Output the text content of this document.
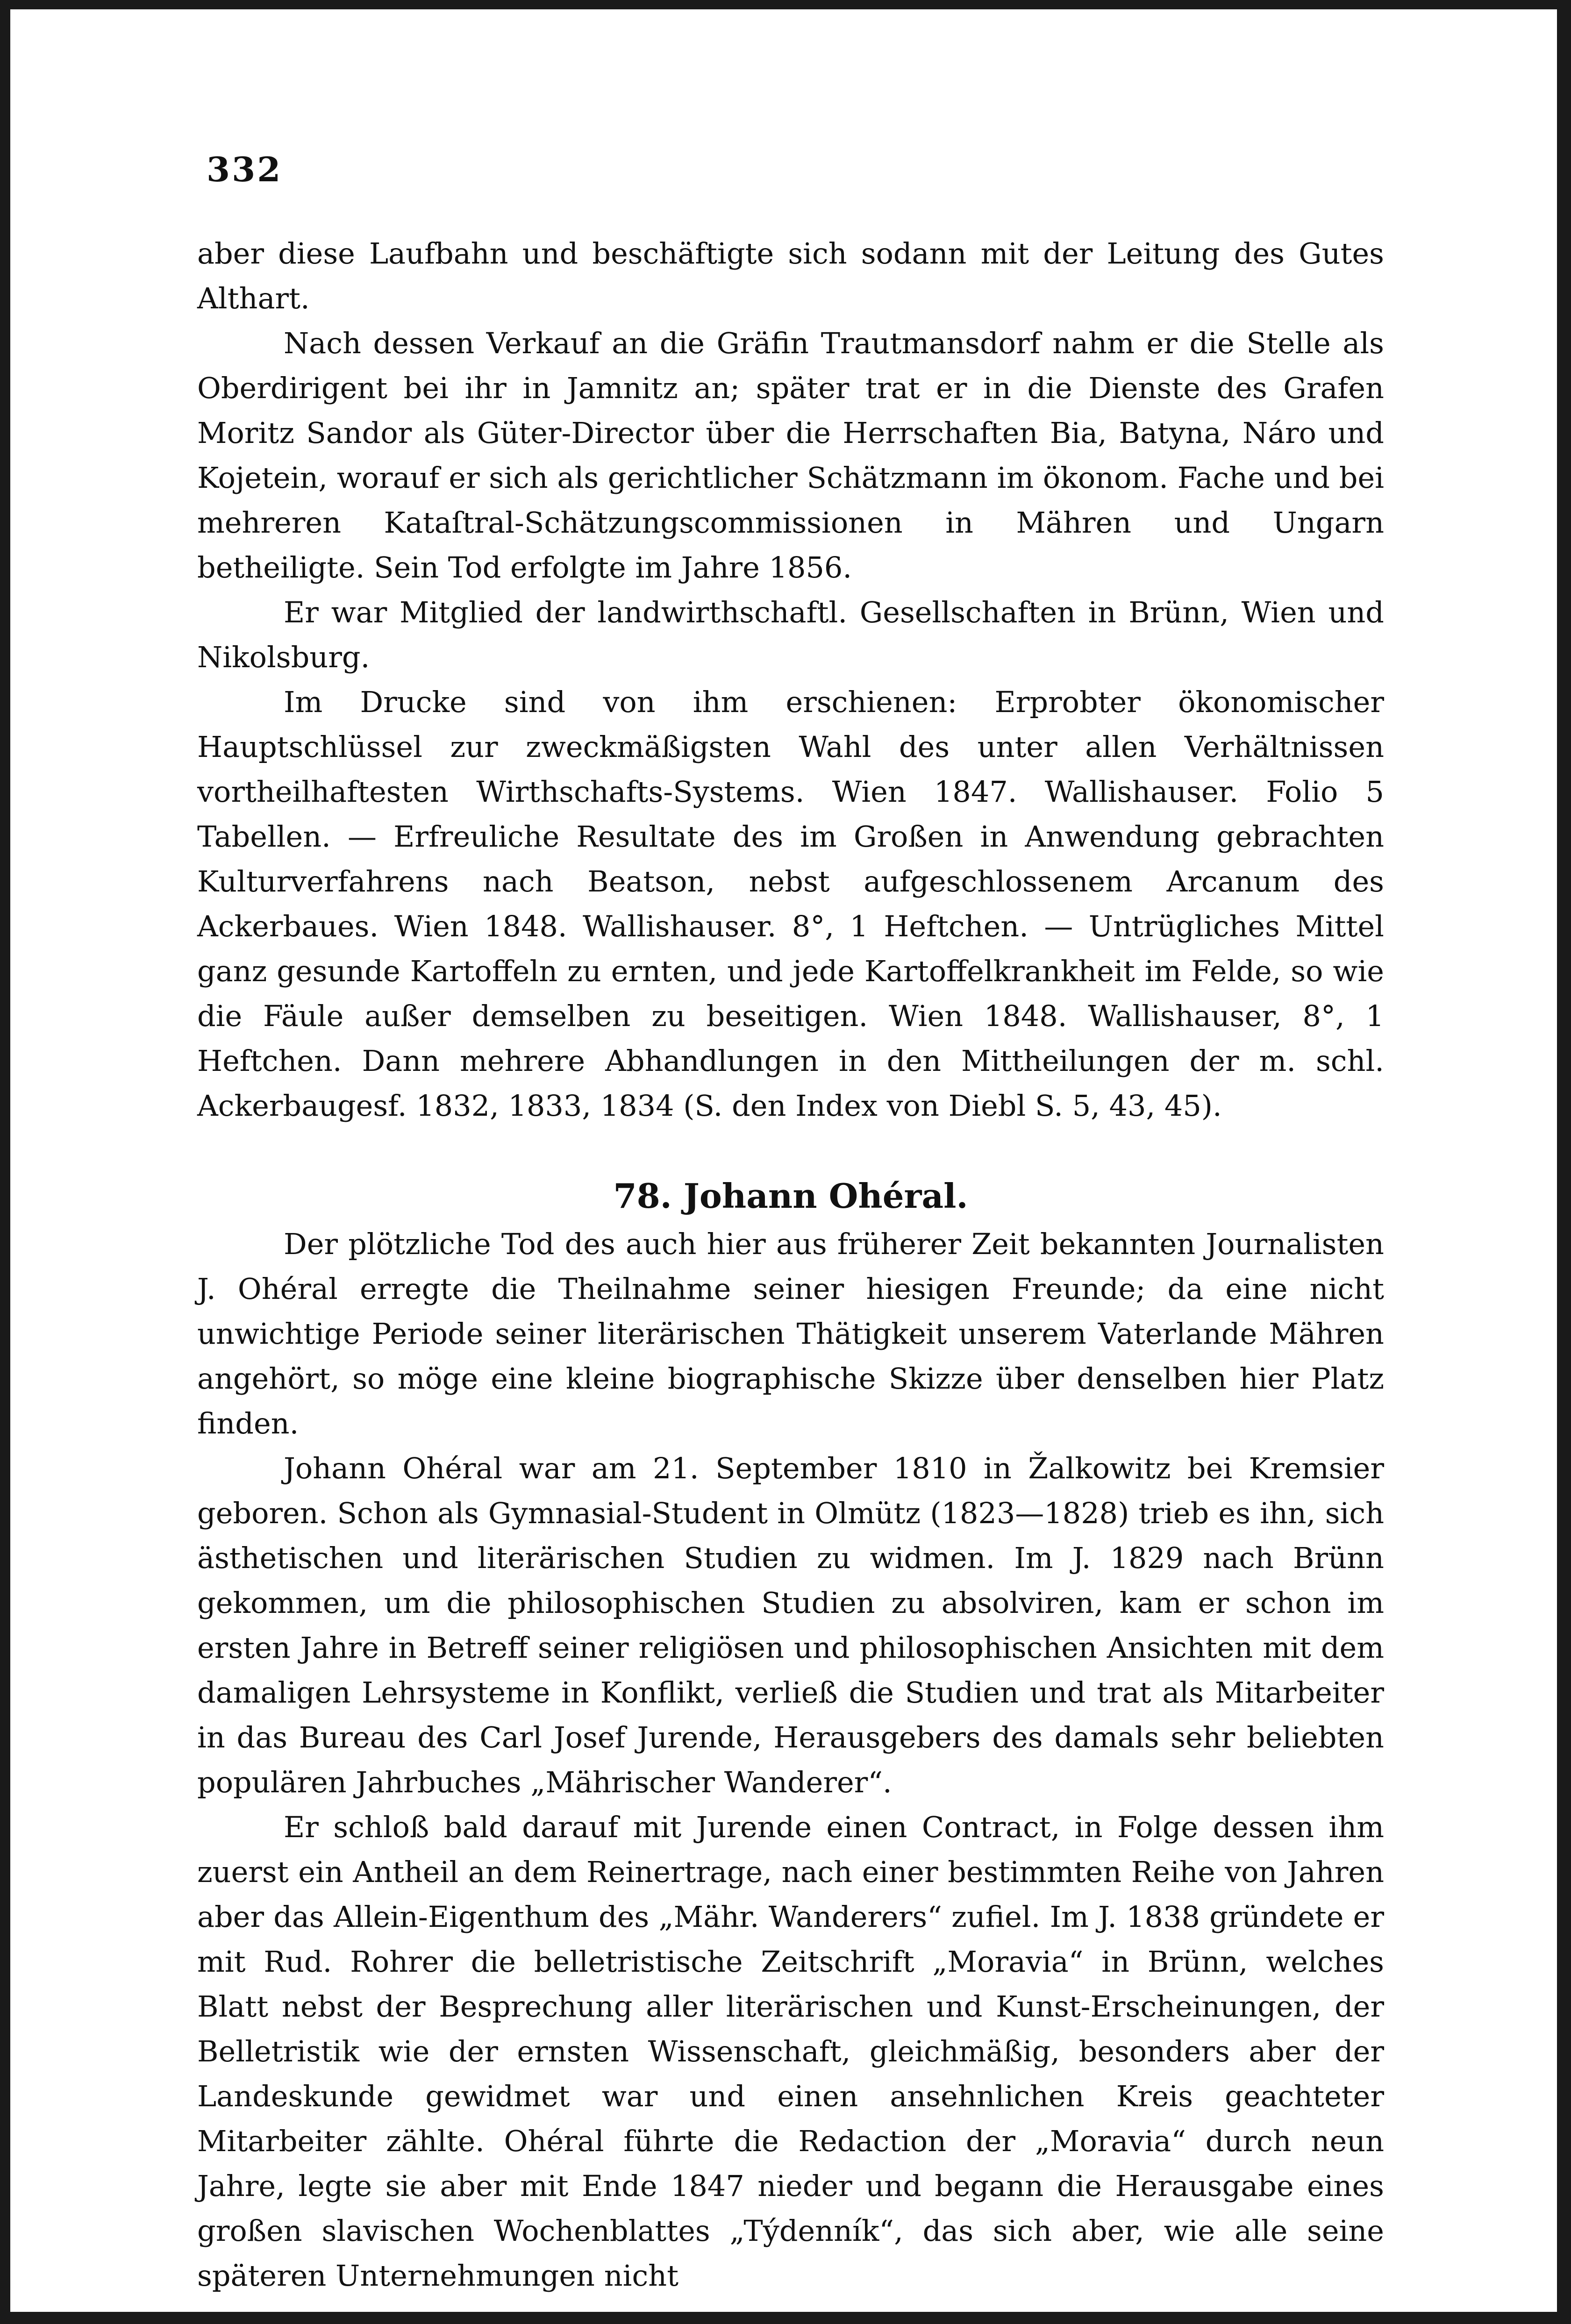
332

aber diese Laufbahn und beschäftigte sich sodann mit der Leitung des Gutes Althart.

Nach dessen Verkauf an die Gräfin Trautmansdorf nahm er die Stelle als Oberdirigent bei ihr in Jamnitz an; später trat er in die Dienste des Grafen Moritz Sandor als Güter-Director über die Herrschaften Bia, Batyna, Náro und Kojetein, worauf er sich als gerichtlicher Schätzmann im ökonom. Fache und bei mehreren Kataſtral-Schätzungscommissionen in Mähren und Ungarn betheiligte. Sein Tod erfolgte im Jahre 1856.

Er war Mitglied der landwirthschaftl. Gesellschaften in Brünn, Wien und Nikolsburg.

Im Drucke sind von ihm erschienen: Erprobter ökonomischer Hauptschlüssel zur zweckmäßigsten Wahl des unter allen Verhältnissen vortheilhaftesten Wirthschafts-Systems. Wien 1847. Wallishauser. Folio 5 Tabellen. — Erfreuliche Resultate des im Großen in Anwendung gebrachten Kulturverfahrens nach Beatson, nebst aufgeschlossenem Arcanum des Ackerbaues. Wien 1848. Wallishauser. 8°, 1 Heftchen. — Untrügliches Mittel ganz gesunde Kartoffeln zu ernten, und jede Kartoffelkrankheit im Felde, so wie die Fäule außer demselben zu beseitigen. Wien 1848. Wallishauser, 8°, 1 Heftchen. Dann mehrere Abhandlungen in den Mittheilungen der m. schl. Ackerbaugesf. 1832, 1833, 1834 (S. den Index von Diebl S. 5, 43, 45).

78. Johann Ohéral.

Der plötzliche Tod des auch hier aus früherer Zeit bekannten Journalisten J. Ohéral erregte die Theilnahme seiner hiesigen Freunde; da eine nicht unwichtige Periode seiner literärischen Thätigkeit unserem Vaterlande Mähren angehört, so möge eine kleine biographische Skizze über denselben hier Platz finden.

Johann Ohéral war am 21. September 1810 in Žalkowitz bei Kremsier geboren. Schon als Gymnasial-Student in Olmütz (1823—1828) trieb es ihn, sich ästhetischen und literärischen Studien zu widmen. Im J. 1829 nach Brünn gekommen, um die philosophischen Studien zu absolviren, kam er schon im ersten Jahre in Betreff seiner religiösen und philosophischen Ansichten mit dem damaligen Lehrsysteme in Konflikt, verließ die Studien und trat als Mitarbeiter in das Bureau des Carl Josef Jurende, Herausgebers des damals sehr beliebten populären Jahrbuches „Mährischer Wanderer“.

Er schloß bald darauf mit Jurende einen Contract, in Folge dessen ihm zuerst ein Antheil an dem Reinertrage, nach einer bestimmten Reihe von Jahren aber das Allein-Eigenthum des „Mähr. Wanderers“ zufiel. Im J. 1838 gründete er mit Rud. Rohrer die belletristische Zeitschrift „Moravia“ in Brünn, welches Blatt nebst der Besprechung aller literärischen und Kunst-Erscheinungen, der Belletristik wie der ernsten Wissenschaft, gleichmäßig, besonders aber der Landeskunde gewidmet war und einen ansehnlichen Kreis geachteter Mitarbeiter zählte. Ohéral führte die Redaction der „Moravia“ durch neun Jahre, legte sie aber mit Ende 1847 nieder und begann die Herausgabe eines großen slavischen Wochenblattes „Týdenník“, das sich aber, wie alle seine späteren Unternehmungen nicht
